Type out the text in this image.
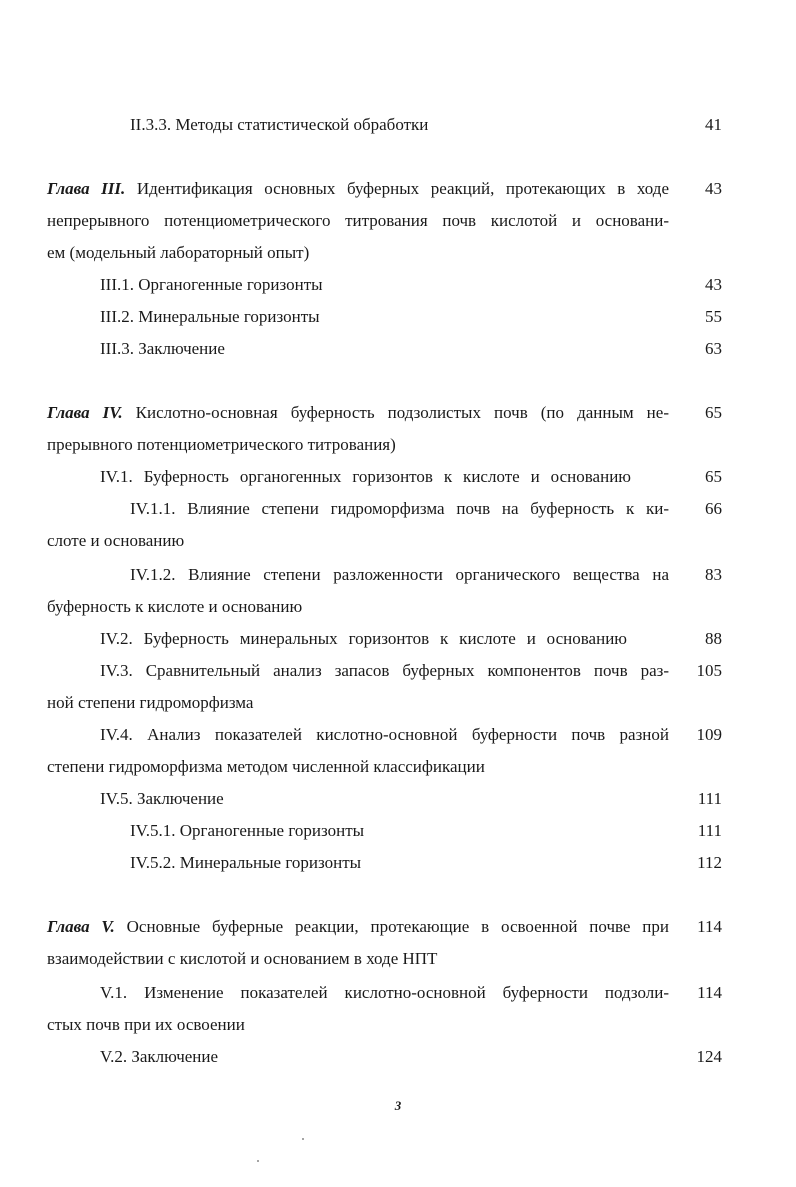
II.3.3. Методы статистической обработки	41
Глава III. Идентификация основных буферных реакций, протекающих в ходе	43
непрерывного потенциометрического титрования почв кислотой и основани-
ем (модельный лабораторный опыт)
III.1. Органогенные горизонты	43
III.2. Минеральные горизонты	55
III.3. Заключение	63
Глава IV. Кислотно-основная буферность подзолистых почв (по данным не-	65
прерывного потенциометрического титрования)
IV.1. Буферность органогенных горизонтов к кислоте и основанию	65
IV.1.1. Влияние степени гидроморфизма почв на буферность к ки-	66
слоте и основанию
IV.1.2. Влияние степени разложенности органического вещества на	83
буферность к кислоте и основанию
IV.2. Буферность минеральных горизонтов к кислоте и основанию	88
IV.3. Сравнительный анализ запасов буферных компонентов почв раз-	105
ной степени гидроморфизма
IV.4. Анализ показателей кислотно-основной буферности почв разной	109
степени гидроморфизма методом численной классификации
IV.5. Заключение	111
IV.5.1. Органогенные горизонты	111
IV.5.2. Минеральные горизонты	112
Глава V. Основные буферные реакции, протекающие в освоенной почве при	114
взаимодействии с кислотой и основанием в ходе НПТ
V.1. Изменение показателей кислотно-основной буферности подзоли-	114
стых почв при их освоении
V.2. Заключение	124
3
